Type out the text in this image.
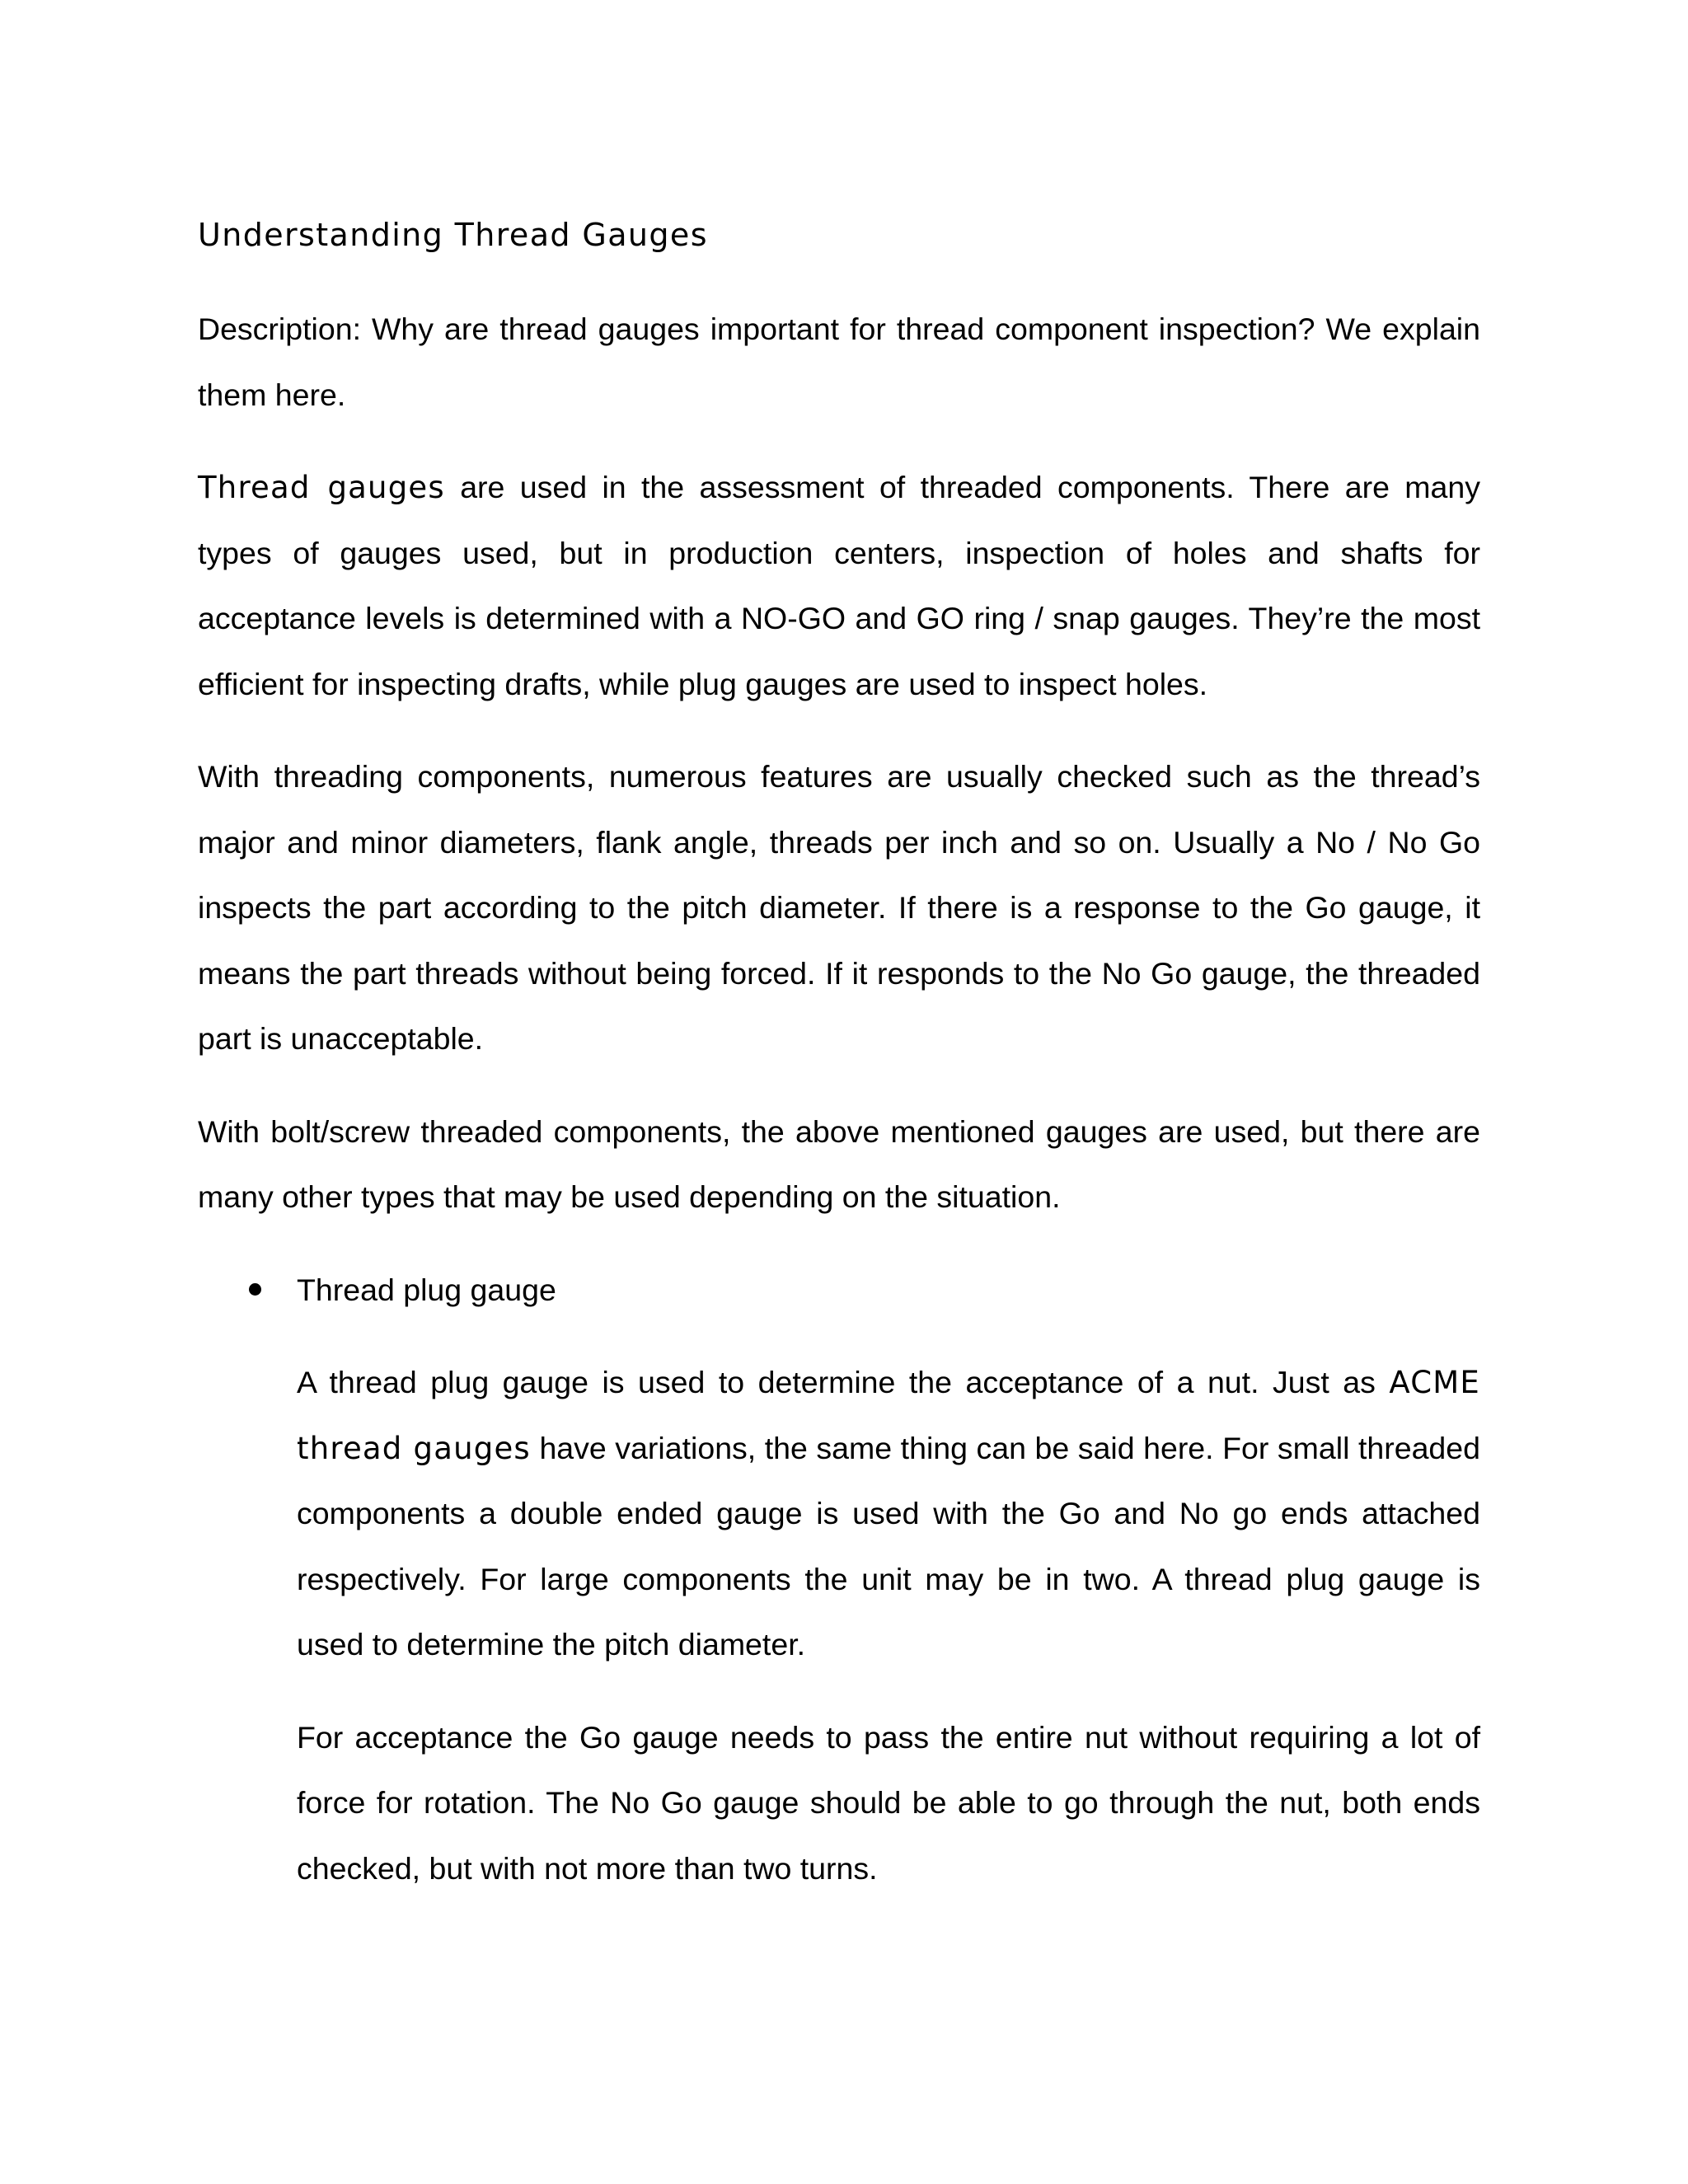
Understanding Thread Gauges

Description: Why are thread gauges important for thread component inspection? We explain them here.

Thread gauges are used in the assessment of threaded components. There are many types of gauges used, but in production centers, inspection of holes and shafts for acceptance levels is determined with a NO-GO and GO ring / snap gauges. They’re the most efficient for inspecting drafts, while plug gauges are used to inspect holes.

With threading components, numerous features are usually checked such as the thread’s major and minor diameters, flank angle, threads per inch and so on. Usually a No / No Go inspects the part according to the pitch diameter. If there is a response to the Go gauge, it means the part threads without being forced. If it responds to the No Go gauge, the threaded part is unacceptable.

With bolt/screw threaded components, the above mentioned gauges are used, but there are many other types that may be used depending on the situation.

Thread plug gauge

A thread plug gauge is used to determine the acceptance of a nut. Just as ACME thread gauges have variations, the same thing can be said here. For small threaded components a double ended gauge is used with the Go and No go ends attached respectively. For large components the unit may be in two. A thread plug gauge is used to determine the pitch diameter.

For acceptance the Go gauge needs to pass the entire nut without requiring a lot of force for rotation. The No Go gauge should be able to go through the nut, both ends checked, but with not more than two turns.
